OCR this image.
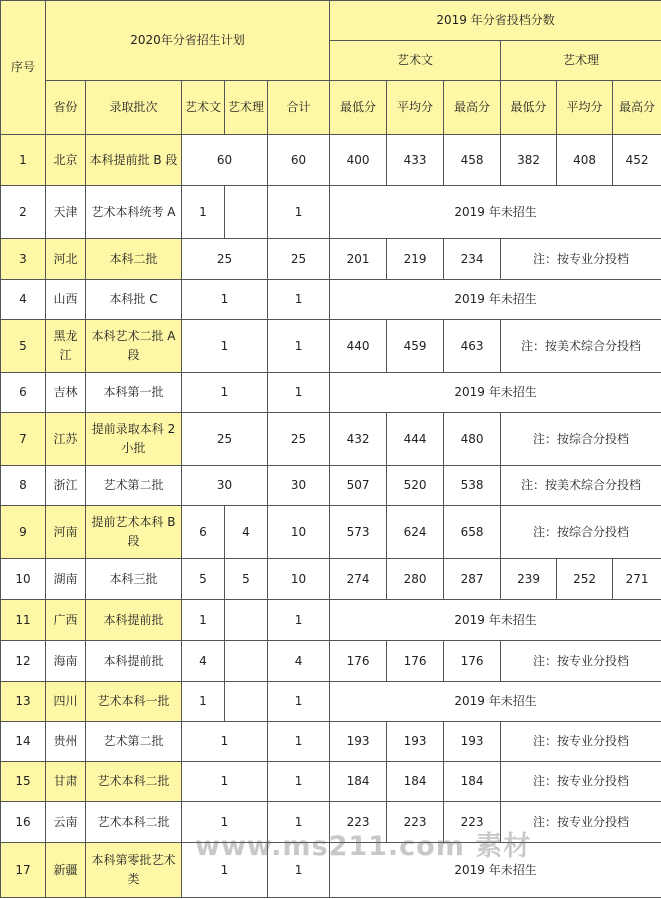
序号	2020年分省招生计划					2019 年分省投档分数					
						艺术文			艺术理		
	省份	录取批次	艺术文	艺术理	合计	最低分	平均分	最高分	最低分	平均分	最高分
1	北京	本科提前批 B 段	60		60	400	433	458	382	408	452
2	天津	艺术本科统考 A	1		1	2019 年未招生					
3	河北	本科二批	25		25	201	219	234	注：按专业分投档		
4	山西	本科批 C	1		1	2019 年未招生					
5	黑龙江	本科艺术二批 A 段	1		1	440	459	463	注：按美术综合分投档		
6	吉林	本科第一批	1		1	2019 年未招生					
7	江苏	提前录取本科 2 小批	25		25	432	444	480	注：按综合分投档		
8	浙江	艺术第二批	30		30	507	520	538	注：按美术综合分投档		
9	河南	提前艺术本科 B 段	6	4	10	573	624	658	注：按综合分投档		
10	湖南	本科三批	5	5	10	274	280	287	239	252	271
11	广西	本科提前批	1		1	2019 年未招生					
12	海南	本科提前批	4		4	176	176	176	注：按专业分投档		
13	四川	艺术本科一批	1		1	2019 年未招生					
14	贵州	艺术第二批	1		1	193	193	193	注：按专业分投档		
15	甘肃	艺术本科二批	1		1	184	184	184	注：按专业分投档		
16	云南	艺术本科二批	1		1	223	223	223	注：按专业分投档		
17	新疆	本科第零批艺术类	1		1	2019 年未招生					
www.ms211.com 素材
